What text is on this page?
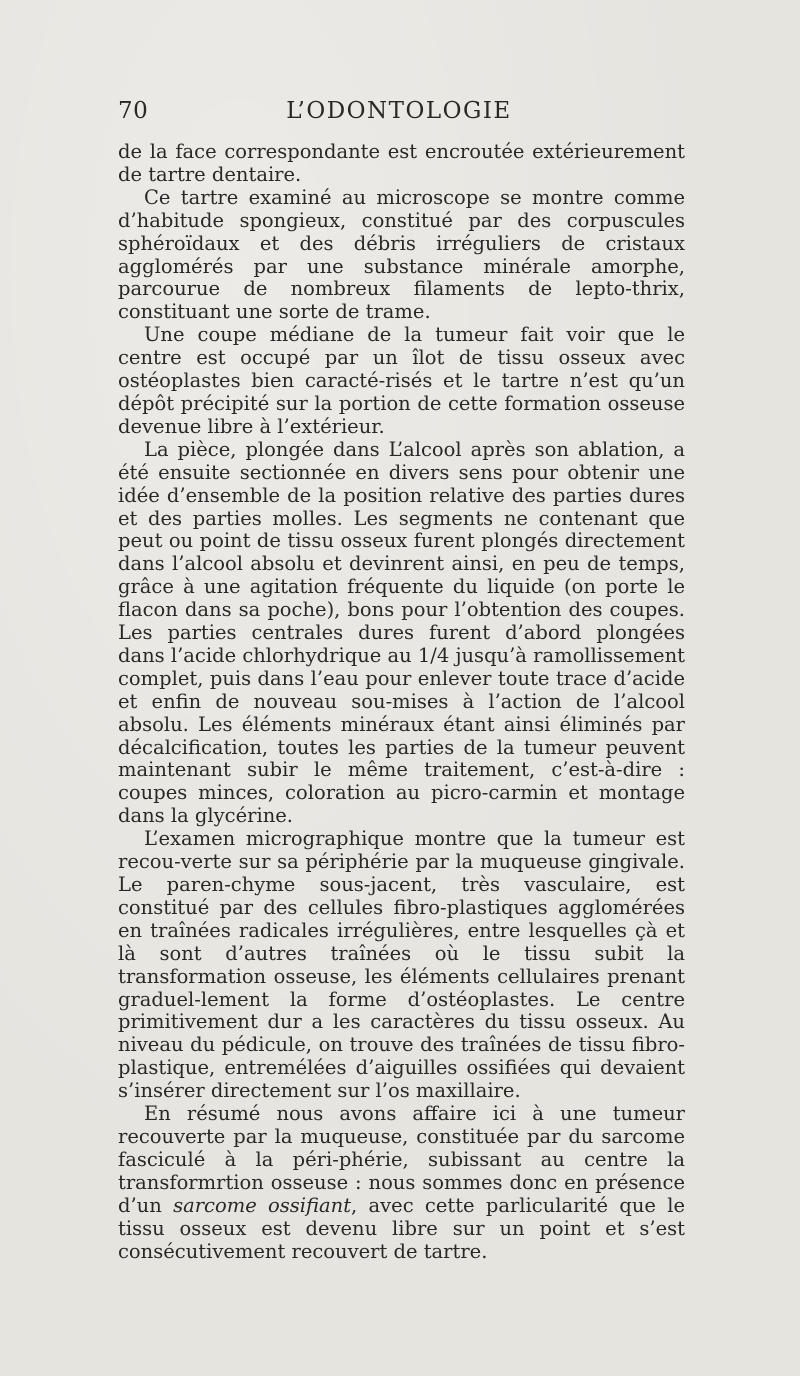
70	L’ODONTOLOGIE

de la face correspondante est encroutée extérieurement de tartre dentaire.

Ce tartre examiné au microscope se montre comme d’habitude spongieux, constitué par des corpuscules sphéroïdaux et des débris irréguliers de cristaux agglomérés par une substance minérale amorphe, parcourue de nombreux filaments de lepto-thrix, constituant une sorte de trame.

Une coupe médiane de la tumeur fait voir que le centre est occupé par un îlot de tissu osseux avec ostéoplastes bien caracté-risés et le tartre n’est qu’un dépôt précipité sur la portion de cette formation osseuse devenue libre à l’extérieur.

La pièce, plongée dans L’alcool après son ablation, a été ensuite sectionnée en divers sens pour obtenir une idée d’ensemble de la position relative des parties dures et des parties molles. Les segments ne contenant que peut ou point de tissu osseux furent plongés directement dans l’alcool absolu et devinrent ainsi, en peu de temps, grâce à une agitation fréquente du liquide (on porte le flacon dans sa poche), bons pour l’obtention des coupes. Les parties centrales dures furent d’abord plongées dans l’acide chlorhydrique au 1/4 jusqu’à ramollissement complet, puis dans l’eau pour enlever toute trace d’acide et enfin de nouveau sou-mises à l’action de l’alcool absolu. Les éléments minéraux étant ainsi éliminés par décalcification, toutes les parties de la tumeur peuvent maintenant subir le même traitement, c’est-à-dire : coupes minces, coloration au picro-carmin et montage dans la glycérine.

L’examen micrographique montre que la tumeur est recou-verte sur sa périphérie par la muqueuse gingivale. Le paren-chyme sous-jacent, très vasculaire, est constitué par des cellules fibro-plastiques agglomérées en traînées radicales irrégulières, entre lesquelles çà et là sont d’autres traînées où le tissu subit la transformation osseuse, les éléments cellulaires prenant graduel-lement la forme d’ostéoplastes. Le centre primitivement dur a les caractères du tissu osseux. Au niveau du pédicule, on trouve des traînées de tissu fibro-plastique, entremélées d’aiguilles ossifiées qui devaient s’insérer directement sur l’os maxillaire.

En résumé nous avons affaire ici à une tumeur recouverte par la muqueuse, constituée par du sarcome fasciculé à la péri-phérie, subissant au centre la transformrtion osseuse : nous sommes donc en présence d’un sarcome ossifiant, avec cette parlicularité que le tissu osseux est devenu libre sur un point et s’est consécutivement recouvert de tartre.
